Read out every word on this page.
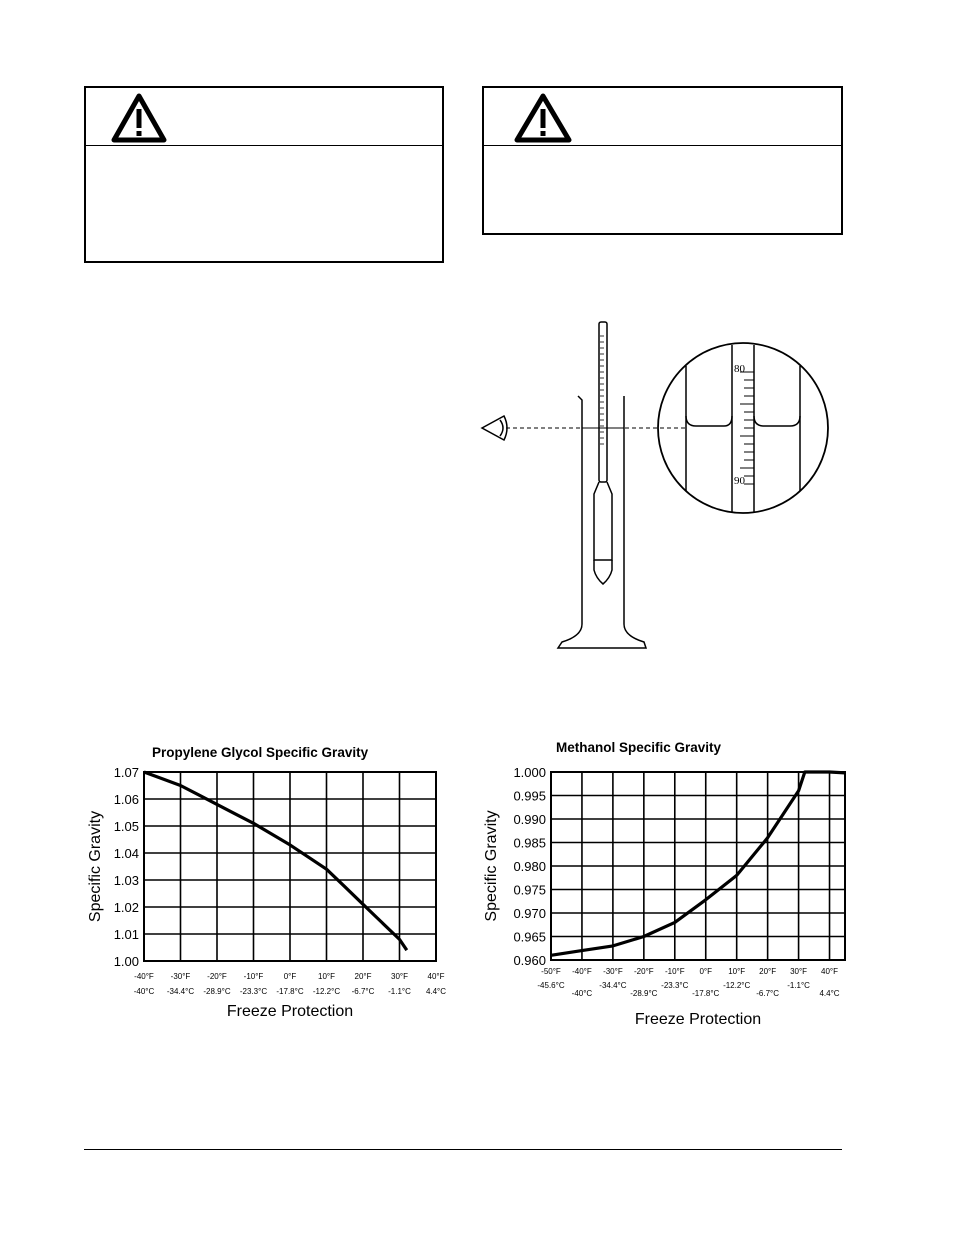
80
90
Propylene Glycol Specific Gravity
1.07
1.06
1.05
1.04
1.03
1.02
1.01
1.00
-40°F -30°F -20°F -10°F	0°F	10°F 20°F 30°F 40°F
-40°C -34.4°C -28.9°C -23.3°C -17.8°C -12.2°C -6.7°C -1.1°C 4.4°C
Freeze Protection
Specific Gravity
Methanol Specific Gravity
1.000
0.995
0.990
0.985
0.980
0.975
0.970
0.965
0.960
-50°F -40°F -30°F -20°F -10°F 0°F 10°F 20°F 30°F 40°F
-45.6°C
-40°C
-34.4°C
-28.9°C
-23.3°C
-17.8°C
-12.2°C
-6.7°C
-1.1°C
4.4°C
Freeze Protection
Specific Gravity
